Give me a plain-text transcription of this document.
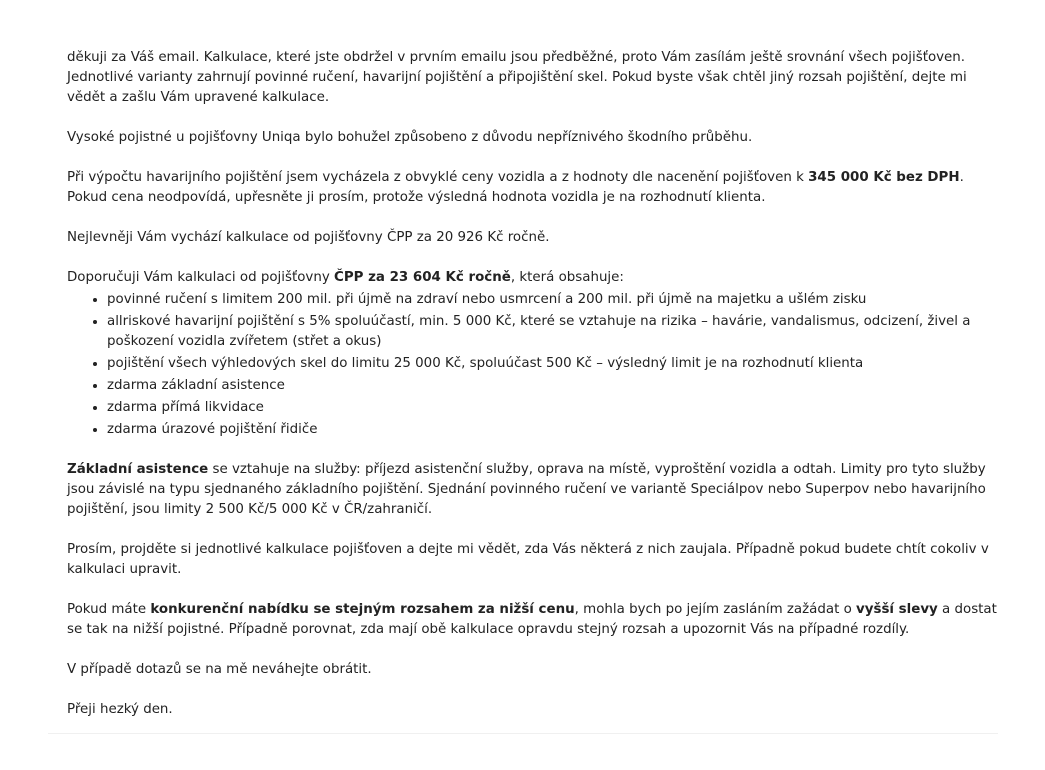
děkuji za Váš email. Kalkulace, které jste obdržel v prvním emailu jsou předběžné, proto Vám zasílám ještě srovnání všech pojišťoven. Jednotlivé varianty zahrnují povinné ručení, havarijní pojištění a připojištění skel. Pokud byste však chtěl jiný rozsah pojištění, dejte mi vědět a zašlu Vám upravené kalkulace.

Vysoké pojistné u pojišťovny Uniqa bylo bohužel způsobeno z důvodu nepříznivého škodního průběhu.

Při výpočtu havarijního pojištění jsem vycházela z obvyklé ceny vozidla a z hodnoty dle nacenění pojišťoven k 345 000 Kč bez DPH. Pokud cena neodpovídá, upřesněte ji prosím, protože výsledná hodnota vozidla je na rozhodnutí klienta.

Nejlevněji Vám vychází kalkulace od pojišťovny ČPP za 20 926 Kč ročně.

Doporučuji Vám kalkulaci od pojišťovny ČPP za 23 604 Kč ročně, která obsahuje:

• povinné ručení s limitem 200 mil. při újmě na zdraví nebo usmrcení a 200 mil. při újmě na majetku a ušlém zisku
• allriskové havarijní pojištění s 5% spoluúčastí, min. 5 000 Kč, které se vztahuje na rizika – havárie, vandalismus, odcizení, živel a poškození vozidla zvířetem (střet a okus)
• pojištění všech výhledových skel do limitu 25 000 Kč, spoluúčast 500 Kč – výsledný limit je na rozhodnutí klienta
• zdarma základní asistence
• zdarma přímá likvidace
• zdarma úrazové pojištění řidiče

Základní asistence se vztahuje na služby: příjezd asistenční služby, oprava na místě, vyproštění vozidla a odtah. Limity pro tyto služby jsou závislé na typu sjednaného základního pojištění. Sjednání povinného ručení ve variantě Speciálpov nebo Superpov nebo havarijního pojištění, jsou limity 2 500 Kč/5 000 Kč v ČR/zahraničí.

Prosím, projděte si jednotlivé kalkulace pojišťoven a dejte mi vědět, zda Vás některá z nich zaujala. Případně pokud budete chtít cokoliv v kalkulaci upravit.

Pokud máte konkurenční nabídku se stejným rozsahem za nižší cenu, mohla bych po jejím zasláním zažádat o vyšší slevy a dostat se tak na nižší pojistné. Případně porovnat, zda mají obě kalkulace opravdu stejný rozsah a upozornit Vás na případné rozdíly.

V případě dotazů se na mě neváhejte obrátit.

Přeji hezký den.
